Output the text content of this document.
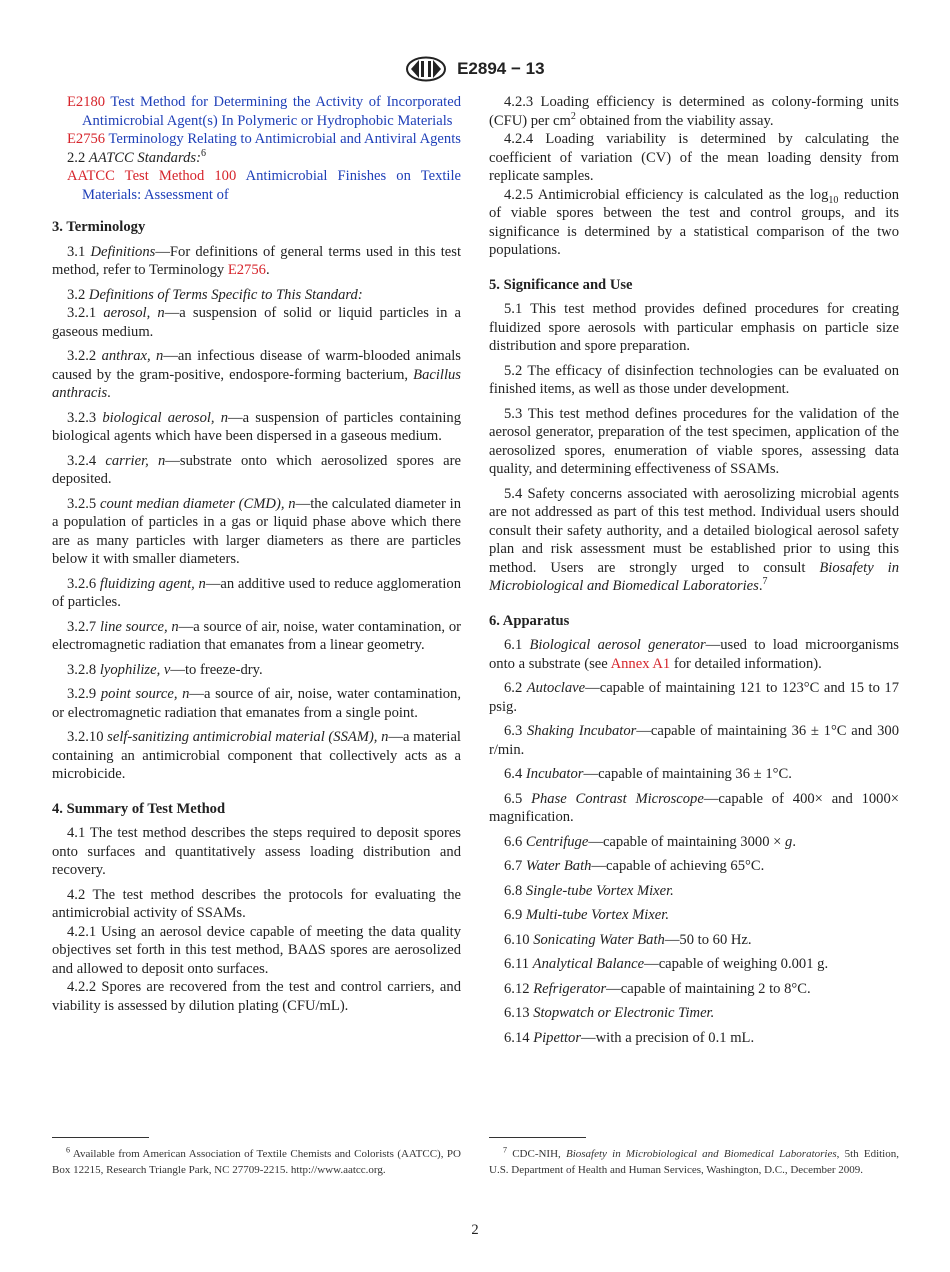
E2894 − 13

E2180 Test Method for Determining the Activity of Incorporated Antimicrobial Agent(s) In Polymeric or Hydrophobic Materials

E2756 Terminology Relating to Antimicrobial and Antiviral Agents

2.2 AATCC Standards:$^6$

AATCC Test Method 100 Antimicrobial Finishes on Textile Materials: Assessment of

3. Terminology

3.1 Definitions—For definitions of general terms used in this test method, refer to Terminology E2756.

3.2 Definitions of Terms Specific to This Standard:

3.2.1 aerosol, n—a suspension of solid or liquid particles in a gaseous medium.

3.2.2 anthrax, n—an infectious disease of warm-blooded animals caused by the gram-positive, endospore-forming bacterium, Bacillus anthracis.

3.2.3 biological aerosol, n—a suspension of particles containing biological agents which have been dispersed in a gaseous medium.

3.2.4 carrier, n—substrate onto which aerosolized spores are deposited.

3.2.5 count median diameter (CMD), n—the calculated diameter in a population of particles in a gas or liquid phase above which there are as many particles with larger diameters as there are particles below it with smaller diameters.

3.2.6 fluidizing agent, n—an additive used to reduce agglomeration of particles.

3.2.7 line source, n—a source of air, noise, water contamination, or electromagnetic radiation that emanates from a linear geometry.

3.2.8 lyophilize, v—to freeze-dry.

3.2.9 point source, n—a source of air, noise, water contamination, or electromagnetic radiation that emanates from a single point.

3.2.10 self-sanitizing antimicrobial material (SSAM), n—a material containing an antimicrobial component that collectively acts as a microbicide.

4. Summary of Test Method

4.1 The test method describes the steps required to deposit spores onto surfaces and quantitatively assess loading distribution and recovery.

4.2 The test method describes the protocols for evaluating the antimicrobial activity of SSAMs.

4.2.1 Using an aerosol device capable of meeting the data quality objectives set forth in this test method, BAΔS spores are aerosolized and allowed to deposit onto surfaces.

4.2.2 Spores are recovered from the test and control carriers, and viability is assessed by dilution plating (CFU/mL).

4.2.3 Loading efficiency is determined as colony-forming units (CFU) per $cm^2$ obtained from the viability assay.

4.2.4 Loading variability is determined by calculating the coefficient of variation (CV) of the mean loading density from replicate samples.

4.2.5 Antimicrobial efficiency is calculated as the $\log_{10}$ reduction of viable spores between the test and control groups, and its significance is determined by a statistical comparison of the two populations.

5. Significance and Use

5.1 This test method provides defined procedures for creating fluidized spore aerosols with particular emphasis on particle size distribution and spore preparation.

5.2 The efficacy of disinfection technologies can be evaluated on finished items, as well as those under development.

5.3 This test method defines procedures for the validation of the aerosol generator, preparation of the test specimen, application of the aerosolized spores, enumeration of viable spores, assessing data quality, and determining effectiveness of SSAMs.

5.4 Safety concerns associated with aerosolizing microbial agents are not addressed as part of this test method. Individual users should consult their safety authority, and a detailed biological aerosol safety plan and risk assessment must be established prior to using this method. Users are strongly urged to consult Biosafety in Microbiological and Biomedical Laboratories.$^7$

6. Apparatus

6.1 Biological aerosol generator—used to load microorganisms onto a substrate (see Annex A1 for detailed information).

6.2 Autoclave—capable of maintaining 121 to 123°C and 15 to 17 psig.

6.3 Shaking Incubator—capable of maintaining 36 ± 1°C and 300 r/min.

6.4 Incubator—capable of maintaining 36 ± 1°C.

6.5 Phase Contrast Microscope—capable of 400× and 1000× magnification.

6.6 Centrifuge—capable of maintaining 3000 × g.

6.7 Water Bath—capable of achieving 65°C.

6.8 Single-tube Vortex Mixer.

6.9 Multi-tube Vortex Mixer.

6.10 Sonicating Water Bath—50 to 60 Hz.

6.11 Analytical Balance—capable of weighing 0.001 g.

6.12 Refrigerator—capable of maintaining 2 to 8°C.

6.13 Stopwatch or Electronic Timer.

6.14 Pipettor—with a precision of 0.1 mL.

$^6$ Available from American Association of Textile Chemists and Colorists (AATCC), PO Box 12215, Research Triangle Park, NC 27709-2215. http://www.aatcc.org.
$^7$ CDC-NIH, Biosafety in Microbiological and Biomedical Laboratories, 5th Edition, U.S. Department of Health and Human Services, Washington, D.C., December 2009.
2
